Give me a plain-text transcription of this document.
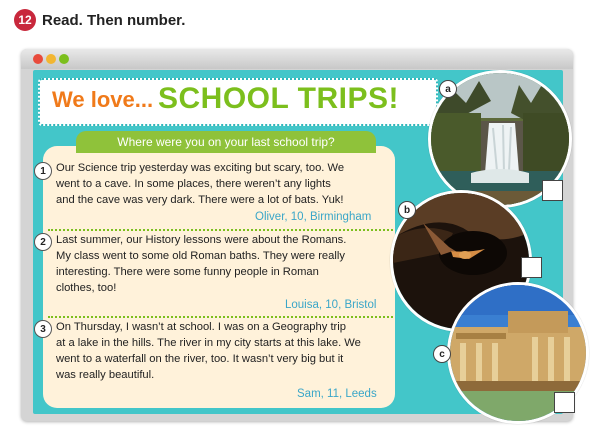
12 Read. Then number.
We love... SCHOOL TRIPS!
Where were you on your last school trip?
1 Our Science trip yesterday was exciting but scary, too. We

went to a cave. In some places, there weren’t any lights

and the cave was very dark. There were a lot of bats. Yuk!

Oliver, 10, Birmingham
2 Last summer, our History lessons were about the Romans.

My class went to some old Roman baths. They were really

interesting. There were some funny people in Roman

clothes, too!

Louisa, 10, Bristol
3 On Thursday, I wasn’t at school. I was on a Geography trip

at a lake in the hills. The river in my city starts at this lake. We

went to a waterfall on the river, too. It wasn’t very big but it

was really beautiful.

Sam, 11, Leeds
a
b
c
